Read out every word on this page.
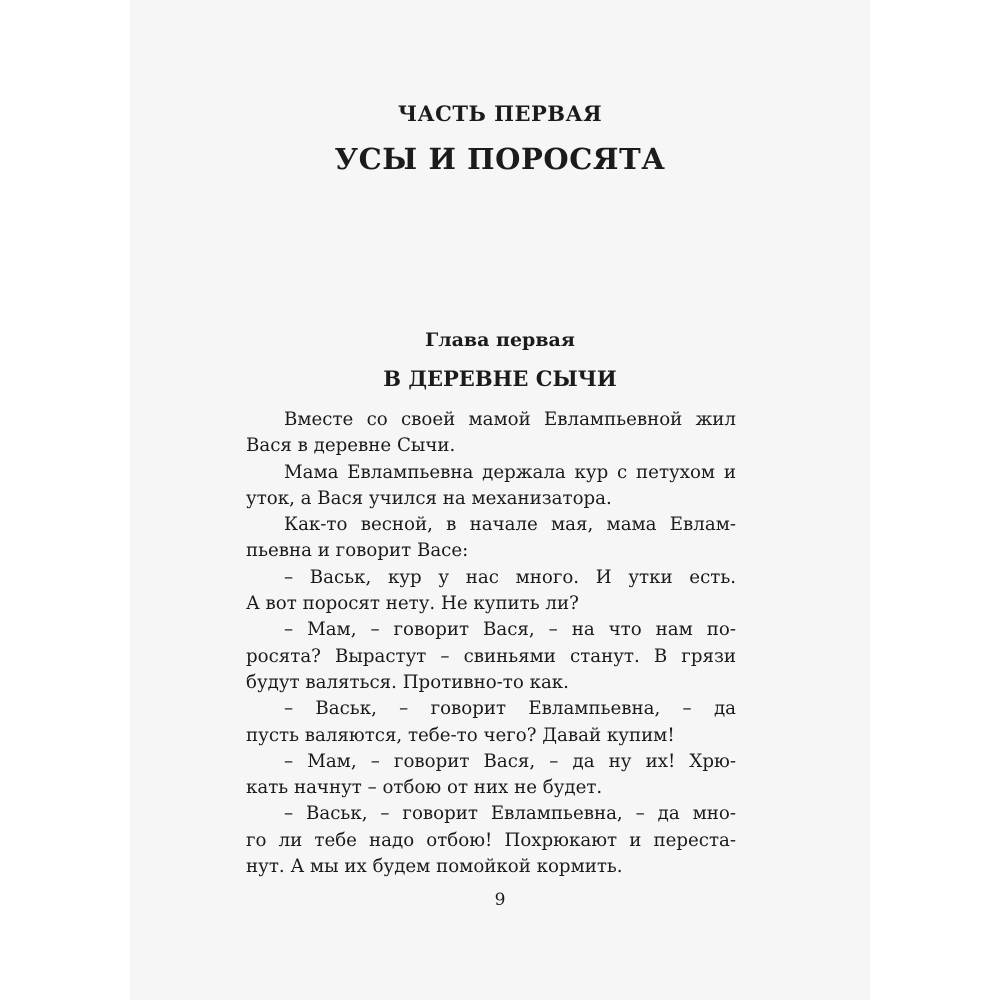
ЧАСТЬ ПЕРВАЯ
УСЫ И ПОРОСЯТА
Глава первая
В ДЕРЕВНЕ СЫЧИ
Вместе со своей мамой Евлампьевной жил
Вася в деревне Сычи.
Мама Евлампьевна держала кур с петухом и
уток, а Вася учился на механизатора.
Как-то весной, в начале мая, мама Евлам-
пьевна и говорит Васе:
– Васьк, кур у нас много. И утки есть.
А вот поросят нету. Не купить ли?
– Мам, – говорит Вася, – на что нам по-
росята? Вырастут – свиньями станут. В грязи
будут валяться. Противно-то как.
– Васьк, – говорит Евлампьевна, – да
пусть валяются, тебе-то чего? Давай купим!
– Мам, – говорит Вася, – да ну их! Хрю-
кать начнут – отбою от них не будет.
– Васьк, – говорит Евлампьевна, – да мно-
го ли тебе надо отбою! Похрюкают и переста-
нут. А мы их будем помойкой кормить.
9
